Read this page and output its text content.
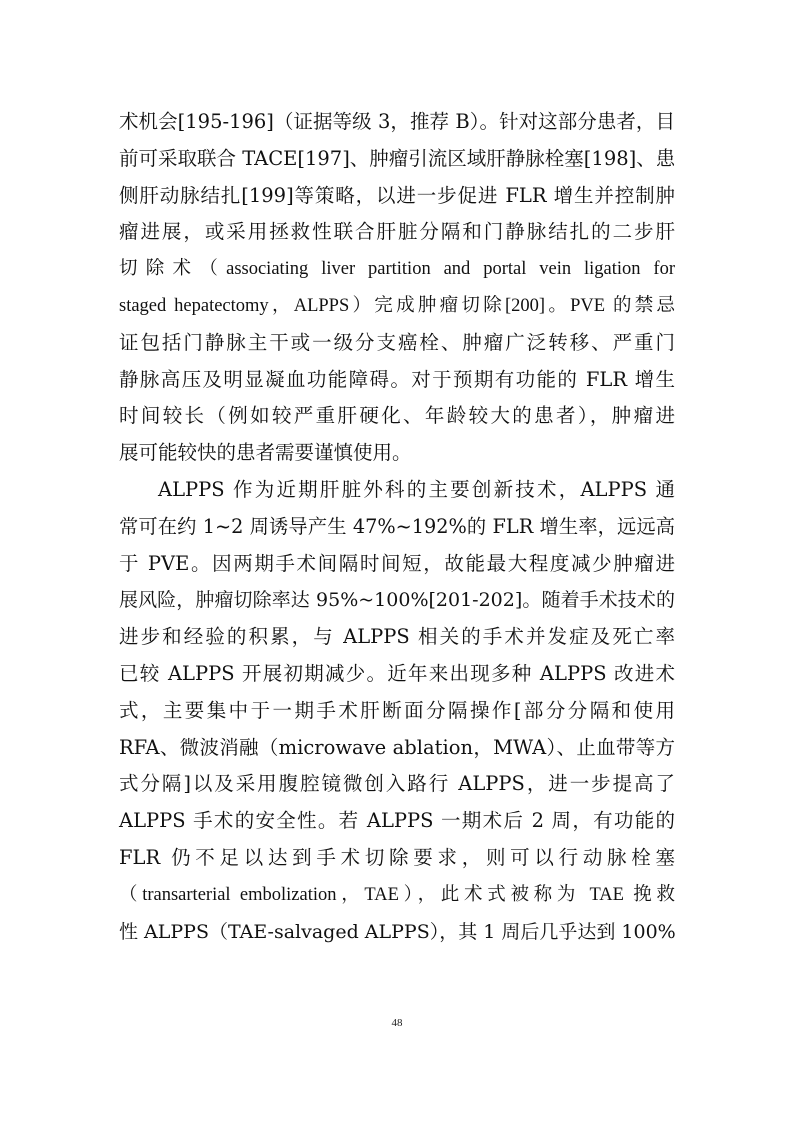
术机会[195-196]（证据等级 3，推荐 B）。针对这部分患者，目
前可采取联合 TACE[197]、肿瘤引流区域肝静脉栓塞[198]、患
侧肝动脉结扎[199]等策略，以进一步促进 FLR 增生并控制肿
瘤进展，或采用拯救性联合肝脏分隔和门静脉结扎的二步肝
切除术（associating liver partition and portal vein ligation for
staged hepatectomy，ALPPS）完成肿瘤切除[200]。PVE 的禁忌
证包括门静脉主干或一级分支癌栓、肿瘤广泛转移、严重门
静脉高压及明显凝血功能障碍。对于预期有功能的 FLR 增生
时间较长（例如较严重肝硬化、年龄较大的患者），肿瘤进
展可能较快的患者需要谨慎使用。
ALPPS 作为近期肝脏外科的主要创新技术，ALPPS 通
常可在约 1~2 周诱导产生 47%~192%的 FLR 增生率，远远高
于 PVE。因两期手术间隔时间短，故能最大程度减少肿瘤进
展风险，肿瘤切除率达 95%~100%[201-202]。随着手术技术的
进步和经验的积累，与 ALPPS 相关的手术并发症及死亡率
已较 ALPPS 开展初期减少。近年来出现多种 ALPPS 改进术
式，主要集中于一期手术肝断面分隔操作[部分分隔和使用
RFA、微波消融（microwave ablation，MWA）、止血带等方
式分隔]以及采用腹腔镜微创入路行 ALPPS，进一步提高了
ALPPS 手术的安全性。若 ALPPS 一期术后 2 周，有功能的
FLR 仍不足以达到手术切除要求，则可以行动脉栓塞
（transarterial embolization，TAE），此术式被称为 TAE 挽救
性 ALPPS（TAE-salvaged ALPPS），其 1 周后几乎达到 100%
48
